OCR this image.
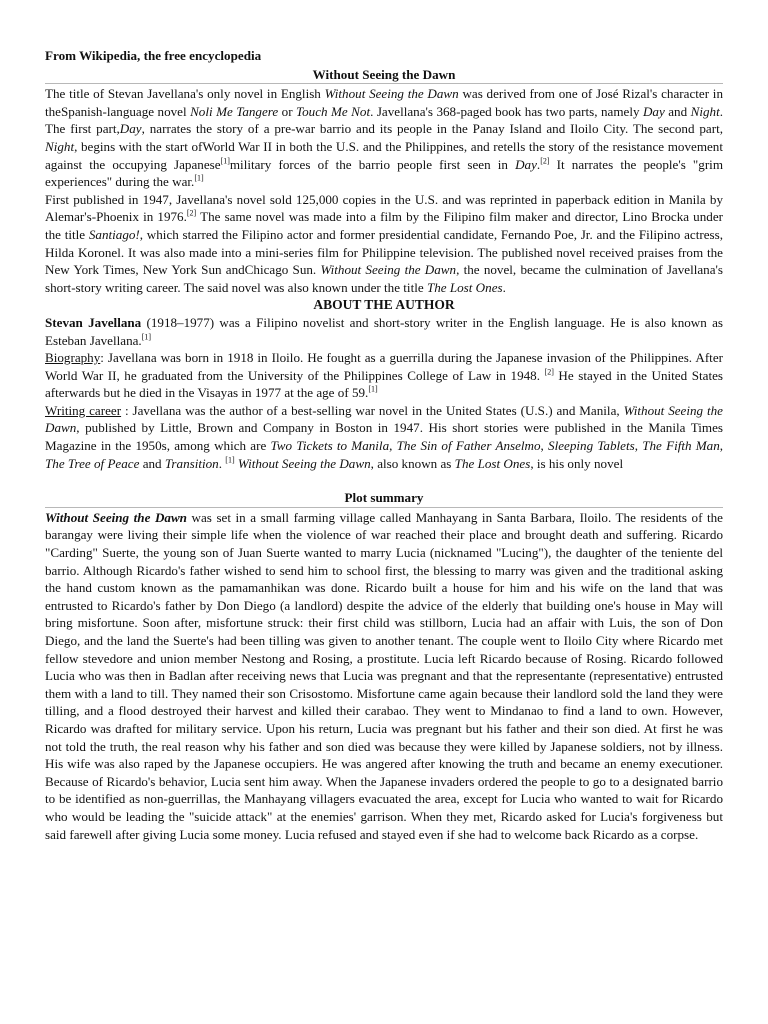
From Wikipedia, the free encyclopedia
Without Seeing the Dawn

The title of Stevan Javellana's only novel in English Without Seeing the Dawn was derived from one of José Rizal's character in theSpanish-language novel Noli Me Tangere or Touch Me Not. Javellana's 368-paged book has two parts, namely Day and Night. The first part,Day, narrates the story of a pre-war barrio and its people in the Panay Island and Iloilo City. The second part, Night, begins with the start ofWorld War II in both the U.S. and the Philippines, and retells the story of the resistance movement against the occupying Japanese[1]military forces of the barrio people first seen in Day.[2] It narrates the people's "grim experiences" during the war.[1]

First published in 1947, Javellana's novel sold 125,000 copies in the U.S. and was reprinted in paperback edition in Manila by Alemar's-Phoenix in 1976.[2] The same novel was made into a film by the Filipino film maker and director, Lino Brocka under the title Santiago!, which starred the Filipino actor and former presidential candidate, Fernando Poe, Jr. and the Filipino actress, Hilda Koronel. It was also made into a mini-series film for Philippine television. The published novel received praises from the New York Times, New York Sun andChicago Sun. Without Seeing the Dawn, the novel, became the culmination of Javellana's short-story writing career. The said novel was also known under the title The Lost Ones.

ABOUT THE AUTHOR

Stevan Javellana (1918–1977) was a Filipino novelist and short-story writer in the English language. He is also known as Esteban Javellana.[1]

Biography: Javellana was born in 1918 in Iloilo. He fought as a guerrilla during the Japanese invasion of the Philippines. After World War II, he graduated from the University of the Philippines College of Law in 1948. [2] He stayed in the United States afterwards but he died in the Visayas in 1977 at the age of 59.[1]

Writing career : Javellana was the author of a best-selling war novel in the United States (U.S.) and Manila, Without Seeing the Dawn, published by Little, Brown and Company in Boston in 1947. His short stories were published in the Manila Times Magazine in the 1950s, among which are Two Tickets to Manila, The Sin of Father Anselmo, Sleeping Tablets, The Fifth Man, The Tree of Peace and Transition. [1] Without Seeing the Dawn, also known as The Lost Ones, is his only novel

Plot summary

Without Seeing the Dawn was set in a small farming village called Manhayang in Santa Barbara, Iloilo. The residents of the barangay were living their simple life when the violence of war reached their place and brought death and suffering. Ricardo "Carding" Suerte, the young son of Juan Suerte wanted to marry Lucia (nicknamed "Lucing"), the daughter of the teniente del barrio. Although Ricardo's father wished to send him to school first, the blessing to marry was given and the traditional asking the hand custom known as the pamamanhikan was done. Ricardo built a house for him and his wife on the land that was entrusted to Ricardo's father by Don Diego (a landlord) despite the advice of the elderly that building one's house in May will bring misfortune. Soon after, misfortune struck: their first child was stillborn, Lucia had an affair with Luis, the son of Don Diego, and the land the Suerte's had been tilling was given to another tenant. The couple went to Iloilo City where Ricardo met fellow stevedore and union member Nestong and Rosing, a prostitute. Lucia left Ricardo because of Rosing. Ricardo followed Lucia who was then in Badlan after receiving news that Lucia was pregnant and that the representante (representative) entrusted them with a land to till. They named their son Crisostomo. Misfortune came again because their landlord sold the land they were tilling, and a flood destroyed their harvest and killed their carabao. They went to Mindanao to find a land to own. However, Ricardo was drafted for military service. Upon his return, Lucia was pregnant but his father and their son died. At first he was not told the truth, the real reason why his father and son died was because they were killed by Japanese soldiers, not by illness. His wife was also raped by the Japanese occupiers. He was angered after knowing the truth and became an enemy executioner. Because of Ricardo's behavior, Lucia sent him away. When the Japanese invaders ordered the people to go to a designated barrio to be identified as non-guerrillas, the Manhayang villagers evacuated the area, except for Lucia who wanted to wait for Ricardo who would be leading the "suicide attack" at the enemies' garrison. When they met, Ricardo asked for Lucia's forgiveness but said farewell after giving Lucia some money. Lucia refused and stayed even if she had to welcome back Ricardo as a corpse.
